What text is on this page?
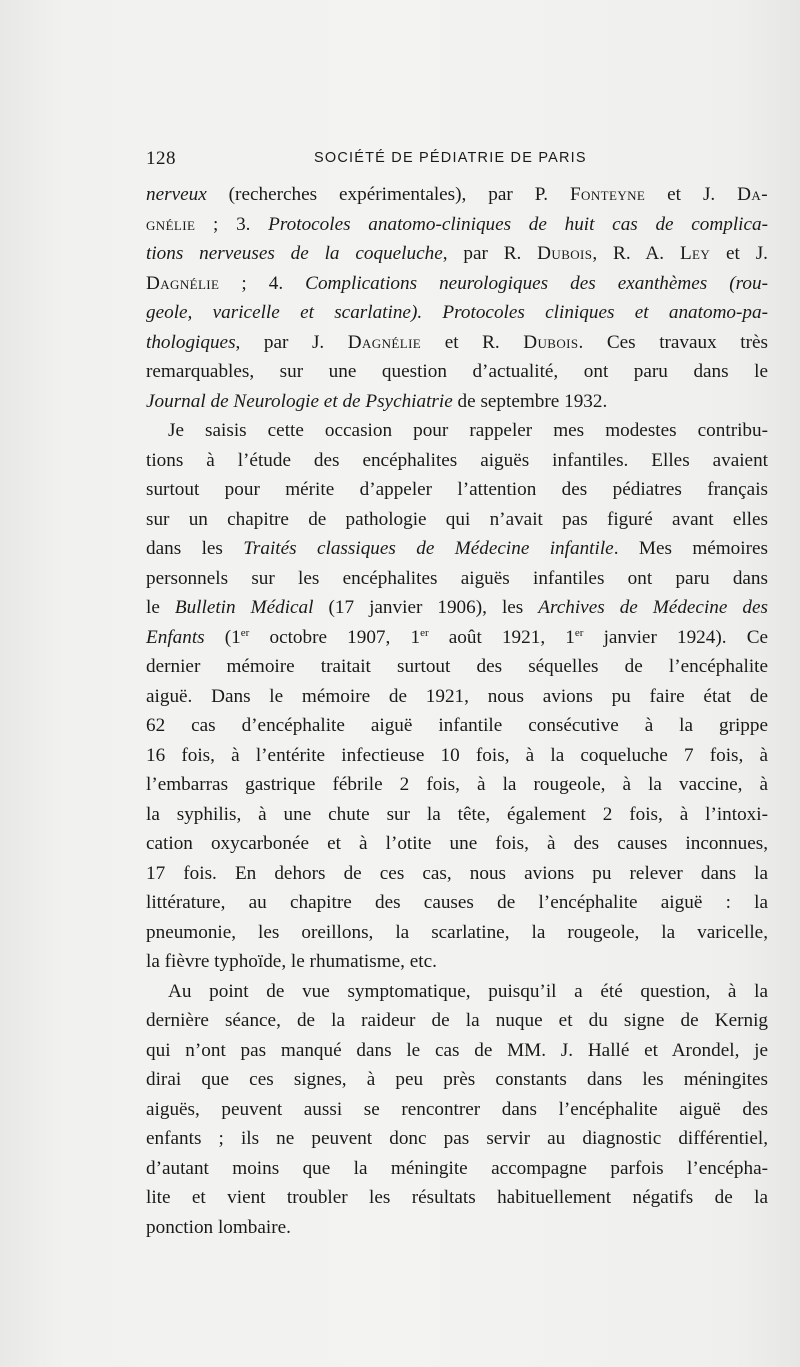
128	SOCIÉTÉ DE PÉDIATRIE DE PARIS
nerveux (recherches expérimentales), par P. Fonteyne et J. Da-
gnélie ; 3. Protocoles anatomo-cliniques de huit cas de complica-
tions nerveuses de la coqueluche, par R. Dubois, R. A. Ley et J.
Dagnélie ; 4. Complications neurologiques des exanthèmes (rou-
geole, varicelle et scarlatine). Protocoles cliniques et anatomo-pa-
thologiques, par J. Dagnélie et R. Dubois. Ces travaux très
remarquables, sur une question d’actualité, ont paru dans le
Journal de Neurologie et de Psychiatrie de septembre 1932.
Je saisis cette occasion pour rappeler mes modestes contribu-
tions à l’étude des encéphalites aiguës infantiles. Elles avaient
surtout pour mérite d’appeler l’attention des pédiatres français
sur un chapitre de pathologie qui n’avait pas figuré avant elles
dans les Traités classiques de Médecine infantile. Mes mémoires
personnels sur les encéphalites aiguës infantiles ont paru dans
le Bulletin Médical (17 janvier 1906), les Archives de Médecine des
Enfants (1er octobre 1907, 1er août 1921, 1er janvier 1924). Ce
dernier mémoire traitait surtout des séquelles de l’encéphalite
aiguë. Dans le mémoire de 1921, nous avions pu faire état de
62 cas d’encéphalite aiguë infantile consécutive à la grippe
16 fois, à l’entérite infectieuse 10 fois, à la coqueluche 7 fois, à
l’embarras gastrique fébrile 2 fois, à la rougeole, à la vaccine, à
la syphilis, à une chute sur la tête, également 2 fois, à l’intoxi-
cation oxycarbonée et à l’otite une fois, à des causes inconnues,
17 fois. En dehors de ces cas, nous avions pu relever dans la
littérature, au chapitre des causes de l’encéphalite aiguë : la
pneumonie, les oreillons, la scarlatine, la rougeole, la varicelle,
la fièvre typhoïde, le rhumatisme, etc.
Au point de vue symptomatique, puisqu’il a été question, à la
dernière séance, de la raideur de la nuque et du signe de Kernig
qui n’ont pas manqué dans le cas de MM. J. Hallé et Arondel, je
dirai que ces signes, à peu près constants dans les méningites
aiguës, peuvent aussi se rencontrer dans l’encéphalite aiguë des
enfants ; ils ne peuvent donc pas servir au diagnostic différentiel,
d’autant moins que la méningite accompagne parfois l’encépha-
lite et vient troubler les résultats habituellement négatifs de la
ponction lombaire.
